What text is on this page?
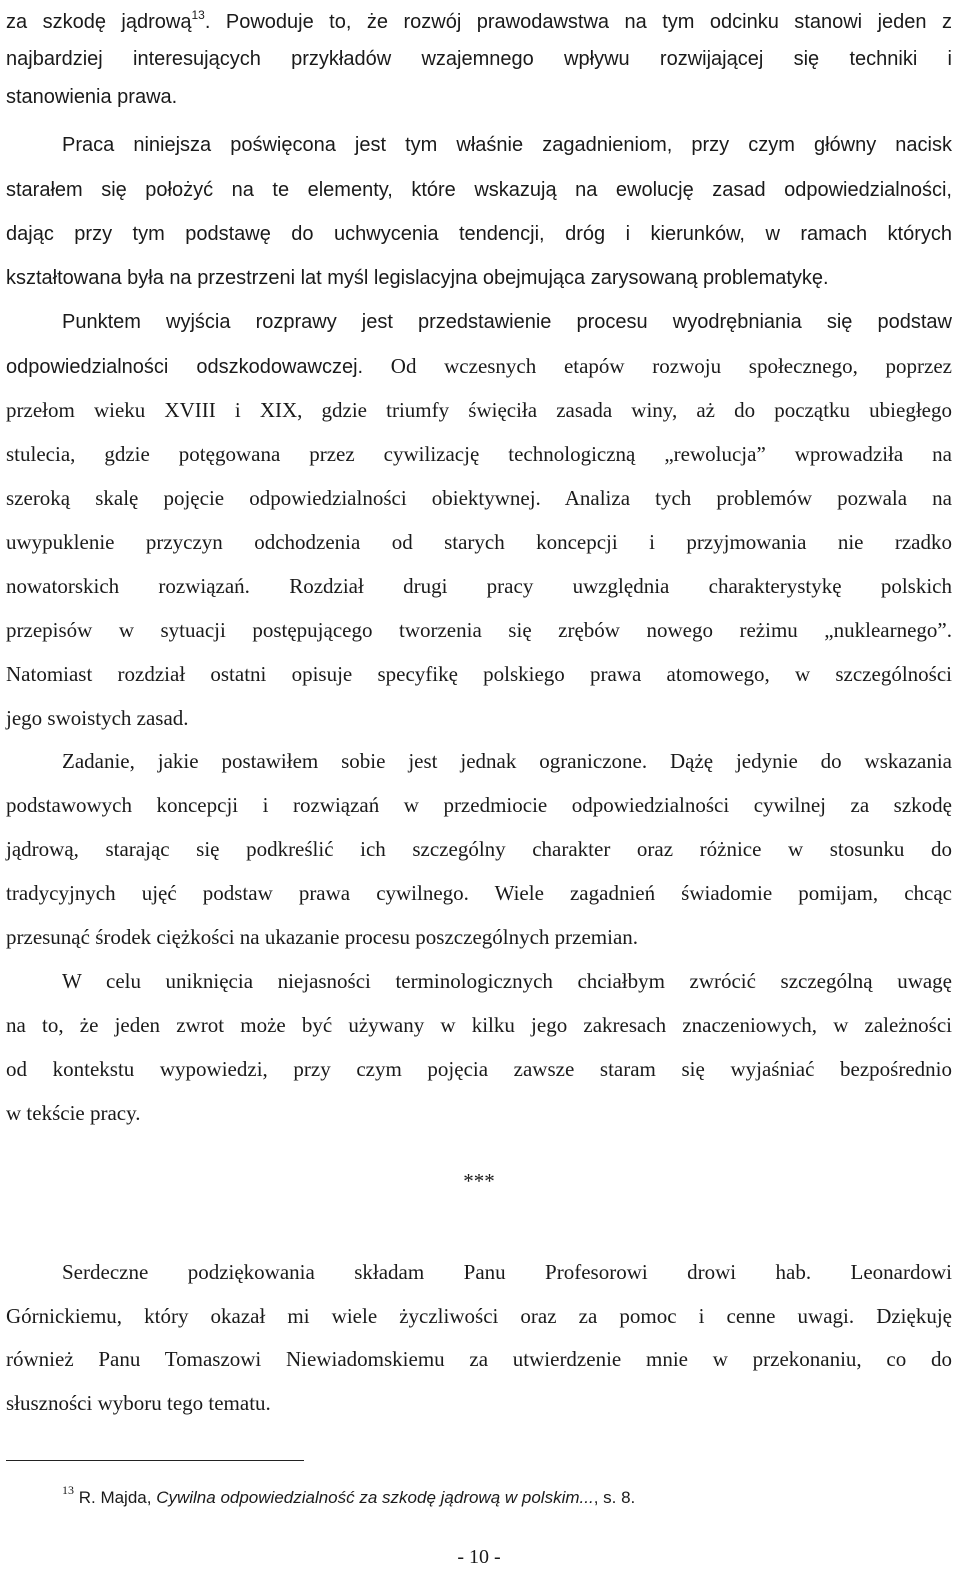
za szkodę jądrową$^{13}$. Powoduje to, że rozwój prawodawstwa na tym odcinku stanowi jeden z
najbardziej interesujących przykładów wzajemnego wpływu rozwijającej się techniki i
stanowienia prawa.
Praca niniejsza poświęcona jest tym właśnie zagadnieniom, przy czym główny nacisk
starałem się położyć na te elementy, które wskazują na ewolucję zasad odpowiedzialności,
dając przy tym podstawę do uchwycenia tendencji, dróg i kierunków, w ramach których
kształtowana była na przestrzeni lat myśl legislacyjna obejmująca zarysowaną problematykę.
Punktem wyjścia rozprawy jest przedstawienie procesu wyodrębniania się podstaw
odpowiedzialności odszkodowawczej. Od wczesnych etapów rozwoju społecznego, poprzez
przełom wieku XVIII i XIX, gdzie triumfy święciła zasada winy, aż do początku ubiegłego
stulecia, gdzie potęgowana przez cywilizację technologiczną „rewolucja” wprowadziła na
szeroką skalę pojęcie odpowiedzialności obiektywnej. Analiza tych problemów pozwala na
uwypuklenie przyczyn odchodzenia od starych koncepcji i przyjmowania nie rzadko
nowatorskich rozwiązań. Rozdział drugi pracy uwzględnia charakterystykę polskich
przepisów w sytuacji postępującego tworzenia się zrębów nowego reżimu „nuklearnego”.
Natomiast rozdział ostatni opisuje specyfikę polskiego prawa atomowego, w szczególności
jego swoistych zasad.
Zadanie, jakie postawiłem sobie jest jednak ograniczone. Dążę jedynie do wskazania
podstawowych koncepcji i rozwiązań w przedmiocie odpowiedzialności cywilnej za szkodę
jądrową, starając się podkreślić ich szczególny charakter oraz różnice w stosunku do
tradycyjnych ujęć podstaw prawa cywilnego. Wiele zagadnień świadomie pomijam, chcąc
przesunąć środek ciężkości na ukazanie procesu poszczególnych przemian.
W celu uniknięcia niejasności terminologicznych chciałbym zwrócić szczególną uwagę
na to, że jeden zwrot może być używany w kilku jego zakresach znaczeniowych, w zależności
od kontekstu wypowiedzi, przy czym pojęcia zawsze staram się wyjaśniać bezpośrednio
w tekście pracy.
***
Serdeczne podziękowania składam Panu Profesorowi drowi hab. Leonardowi
Górnickiemu, który okazał mi wiele życzliwości oraz za pomoc i cenne uwagi. Dziękuję
również Panu Tomaszowi Niewiadomskiemu za utwierdzenie mnie w przekonaniu, co do
słuszności wyboru tego tematu.
$^{13}$ R. Majda, Cywilna odpowiedzialność za szkodę jądrową w polskim..., s. 8.
- 10 -
